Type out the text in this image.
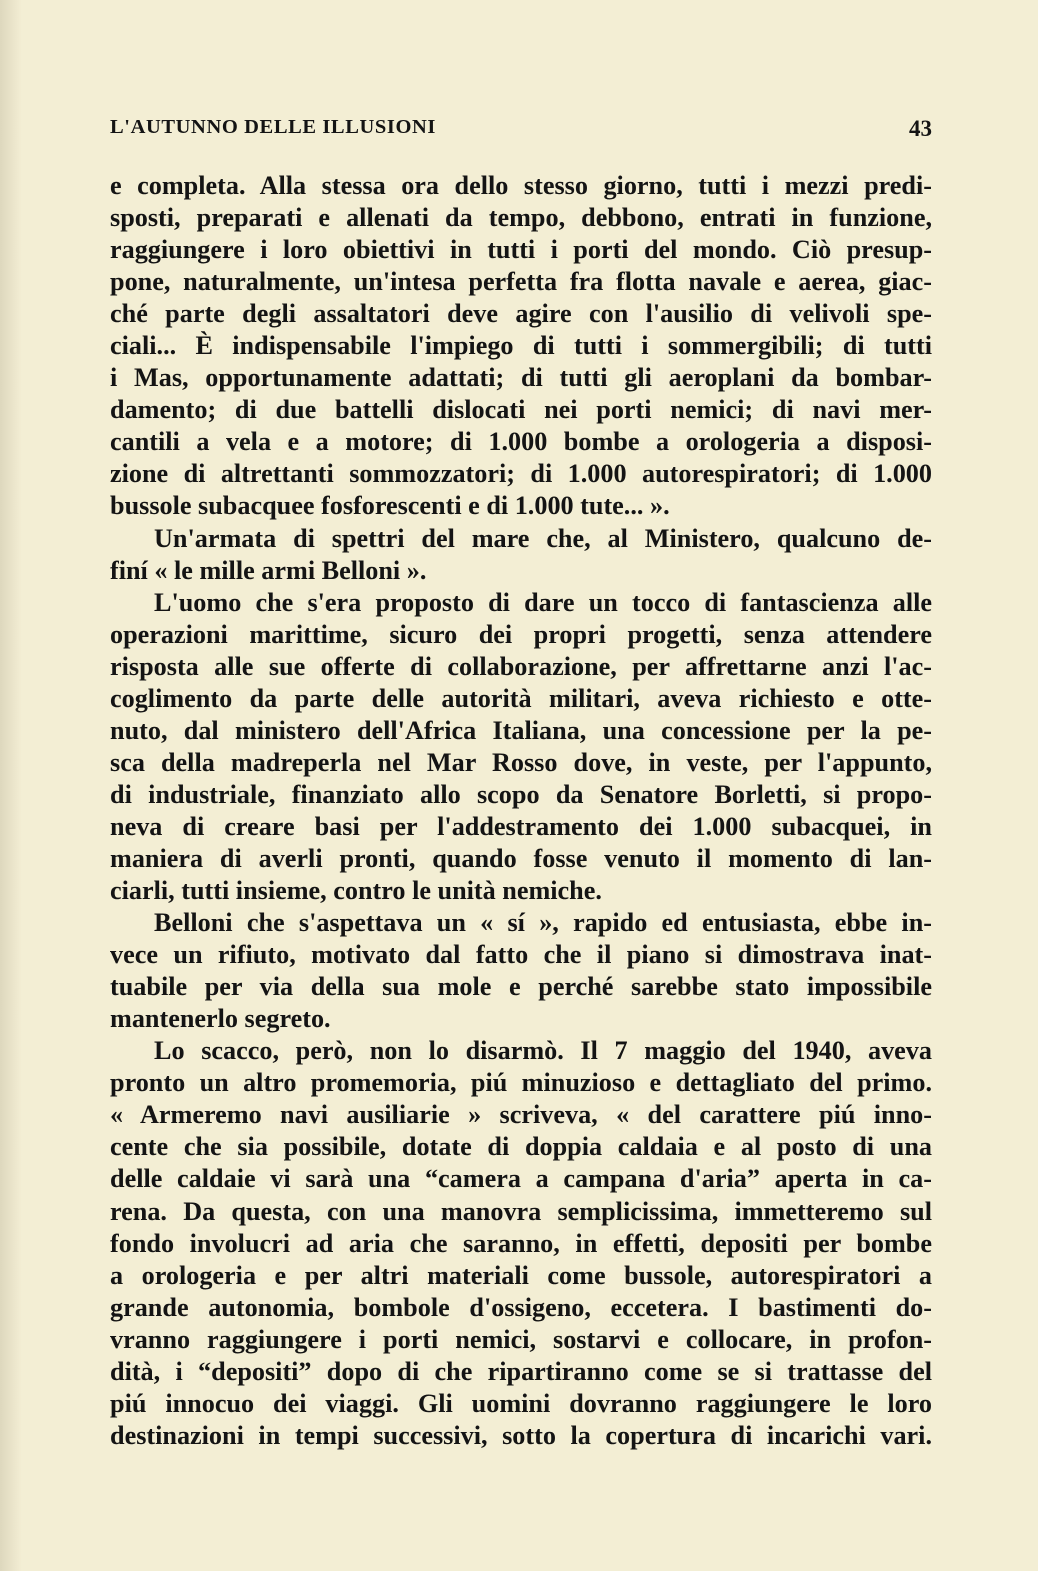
L'AUTUNNO DELLE ILLUSIONI	43
e completa. Alla stessa ora dello stesso giorno, tutti i mezzi predi-
sposti, preparati e allenati da tempo, debbono, entrati in funzione,
raggiungere i loro obiettivi in tutti i porti del mondo. Ciò presup-
pone, naturalmente, un'intesa perfetta fra flotta navale e aerea, giac-
ché parte degli assaltatori deve agire con l'ausilio di velivoli spe-
ciali... È indispensabile l'impiego di tutti i sommergibili; di tutti
i Mas, opportunamente adattati; di tutti gli aeroplani da bombar-
damento; di due battelli dislocati nei porti nemici; di navi mer-
cantili a vela e a motore; di 1.000 bombe a orologeria a disposi-
zione di altrettanti sommozzatori; di 1.000 autorespiratori; di 1.000
bussole subacquee fosforescenti e di 1.000 tute... ».
Un'armata di spettri del mare che, al Ministero, qualcuno de-
finí « le mille armi Belloni ».
L'uomo che s'era proposto di dare un tocco di fantascienza alle
operazioni marittime, sicuro dei propri progetti, senza attendere
risposta alle sue offerte di collaborazione, per affrettarne anzi l'ac-
coglimento da parte delle autorità militari, aveva richiesto e otte-
nuto, dal ministero dell'Africa Italiana, una concessione per la pe-
sca della madreperla nel Mar Rosso dove, in veste, per l'appunto,
di industriale, finanziato allo scopo da Senatore Borletti, si propo-
neva di creare basi per l'addestramento dei 1.000 subacquei, in
maniera di averli pronti, quando fosse venuto il momento di lan-
ciarli, tutti insieme, contro le unità nemiche.
Belloni che s'aspettava un « sí », rapido ed entusiasta, ebbe in-
vece un rifiuto, motivato dal fatto che il piano si dimostrava inat-
tuabile per via della sua mole e perché sarebbe stato impossibile
mantenerlo segreto.
Lo scacco, però, non lo disarmò. Il 7 maggio del 1940, aveva
pronto un altro promemoria, piú minuzioso e dettagliato del primo.
« Armeremo navi ausiliarie » scriveva, « del carattere piú inno-
cente che sia possibile, dotate di doppia caldaia e al posto di una
delle caldaie vi sarà una “camera a campana d'aria” aperta in ca-
rena. Da questa, con una manovra semplicissima, immetteremo sul
fondo involucri ad aria che saranno, in effetti, depositi per bombe
a orologeria e per altri materiali come bussole, autorespiratori a
grande autonomia, bombole d'ossigeno, eccetera. I bastimenti do-
vranno raggiungere i porti nemici, sostarvi e collocare, in profon-
dità, i “depositi” dopo di che ripartiranno come se si trattasse del
piú innocuo dei viaggi. Gli uomini dovranno raggiungere le loro
destinazioni in tempi successivi, sotto la copertura di incarichi vari.
